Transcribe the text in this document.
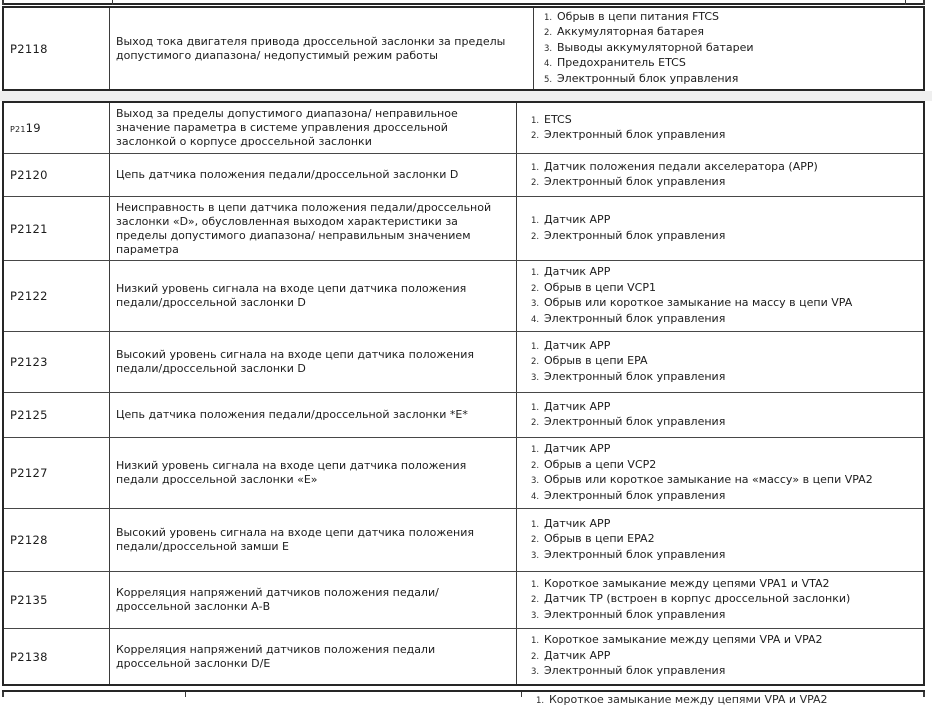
P2118
Выход тока двигателя привода дроссельной заслонки за пределы допустимого диапазона/ недопустимый режим работы
1. Обрыв в цепи питания FTCS
2. Аккумуляторная батарея
3. Выводы аккумуляторной батареи
4. Предохранитель ETCS
5. Электронный блок управления
P2119
Выход за пределы допустимого диапазона/ неправильное значение параметра в системе управления дроссельной заслонкой о корпусе дроссельной заслонки
1. ETCS
2. Электронный блок управления
P2120	Цепь датчика положения педали/дроссельной заслонки D
1. Датчик положения педали акселератора (APP)
2. Электронный блок управления
P2121
Неисправность в цепи датчика положения педали/дроссельной заслонки «D», обусловленная выходом характеристики за пределы допустимого диапазона/ неправильным значением параметра
1. Датчик APP
2. Электронный блок управления
P2122
Низкий уровень сигнала на входе цепи датчика положения педали/дроссельной заслонки D
1. Датчик APP
2. Обрыв в цепи VCP1
3. Обрыв или короткое замыкание на массу в цепи VPA
4. Электронный блок управления
P2123
Высокий уровень сигнала на входе цепи датчика положения педали/дроссельной заслонки D
1. Датчик APP
2. Обрыв в цепи EPA
3. Электронный блок управления
P2125	Цепь датчика положения педали/дроссельной заслонки *Е*
1. Датчик APP
2. Электронный блок управления
P2127
Низкий уровень сигнала на входе цепи датчика положения педали дроссельной заслонки «Е»
1. Датчик APP
2. Обрыв а цепи VCP2
3. Обрыв или короткое замыкание на «массу» в цепи VPA2
4. Электронный блок управления
P2128
Высокий уровень сигнала на входе цепи датчика положения педали/дроссельной замши Е
1. Датчик APP
2. Обрыв в цепи EPA2
3. Электронный блок управления
P2135
Корреляция напряжений датчиков положения педали/ дроссельной заслонки А-В
1. Короткое замыкание между цепями VPA1 и VTA2
2. Датчик ТР (встроен в корпус дроссельной заслонки)
3. Электронный блок управления
P2138
Корреляция напряжений датчиков положения педали дроссельной заслонки D/E
1. Короткое замыкание между цепями VPA и VPA2
2. Датчик APP
3. Электронный блок управления
1. Короткое замыкание между цепями VPA и VPA2
